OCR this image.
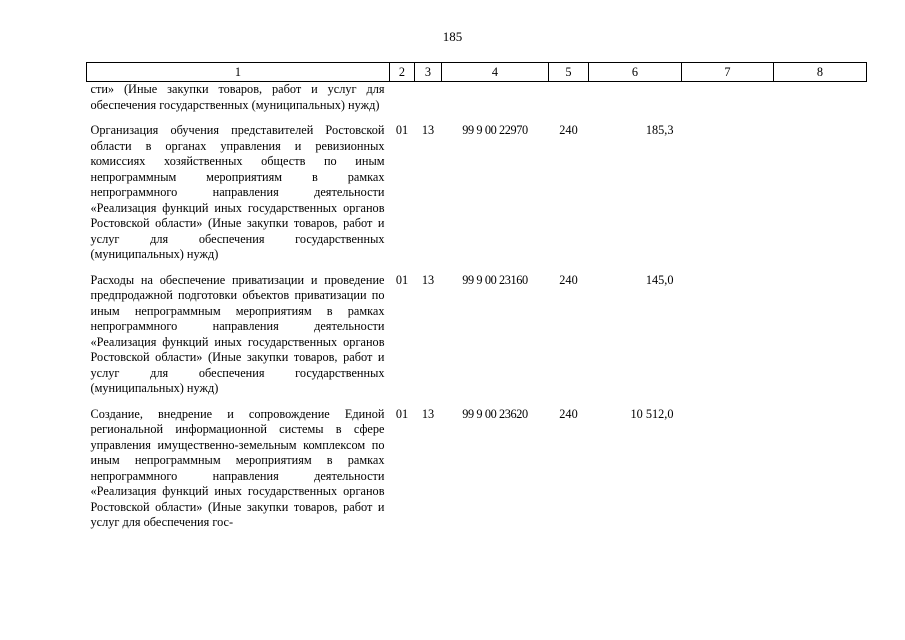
185
1	2	3	4	5	6	7	8
сти» (Иные закупки товаров, работ и услуг для обеспечения государственных (муниципальных) нужд)							

Организация обучения представителей Ростовской области в органах управления и ревизионных комиссиях хозяйственных обществ по иным непрограммным мероприятиям в рамках непрограммного направления деятельности «Реализация функций иных государственных органов Ростовской области» (Иные закупки товаров, работ и услуг для обеспечения государственных (муниципальных) нужд)	01	13	99 9 00 22970	240	185,3		

Расходы на обеспечение приватизации и проведение предпродажной подготовки объектов приватизации по иным непрограммным мероприятиям в рамках непрограммного направления деятельности «Реализация функций иных государственных органов Ростовской области» (Иные закупки товаров, работ и услуг для обеспечения государственных (муниципальных) нужд)	01	13	99 9 00 23160	240	145,0		

Создание, внедрение и сопровождение Единой региональной информационной системы в сфере управления имущественно-земельным комплексом по иным непрограммным мероприятиям в рамках непрограммного направления деятельности «Реализация функций иных государственных органов Ростовской области» (Иные закупки товаров, работ и услуг для обеспечения гос-	01	13	99 9 00 23620	240	10 512,0		
